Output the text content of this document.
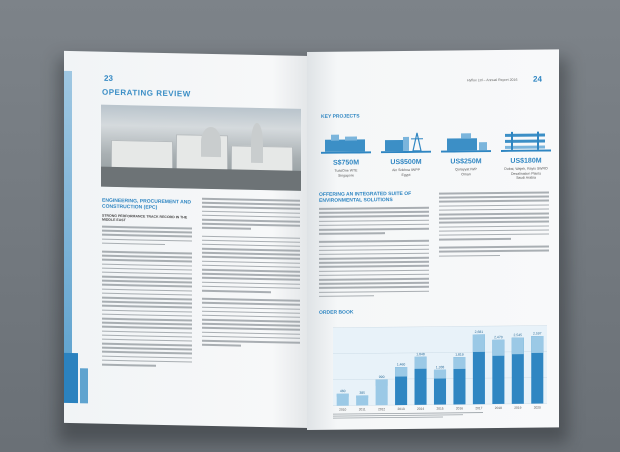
23
OPERATING REVIEW
ENGINEERING, PROCUREMENT AND CONSTRUCTION (EPC)
STRONG PERFORMANCE TRACK RECORD IN THE MIDDLE EAST
Hyflux Ltd – Annual Report 2016 24
KEY PROJECTS
S$750M
TuasOne WTE
Singapore
US$500M
Ain Sokhna IWPP
Egypt
US$250M
Qurayyat IWP
Oman
US$180M
Dubai, Wajeh, Rayis SWRO
Desalination Plants
Saudi Arabia
OFFERING AN INTEGRATED SUITE OF ENVIRONMENTAL SOLUTIONS
ORDER BOOK
460
2010
385
2011
990
2012
1,460
2013
1,848
2014
1,338
2015
1,819
2016
2,681
2017
2,470
2018
2,545
2019
2,597
2020
